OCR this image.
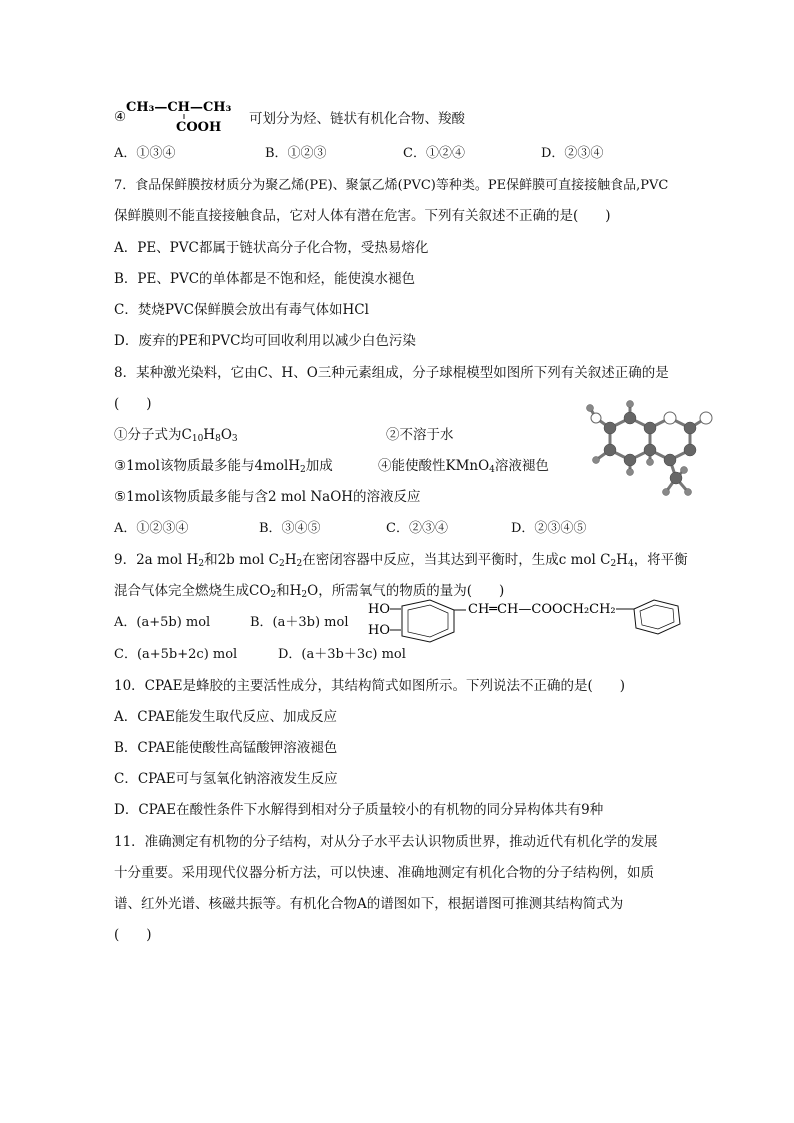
④
CH₃—CH—CH₃
COOH
可划分为烃、链状有机化合物、羧酸
A．①③④	B．①②③	C．①②④	D．②③④
7．食品保鲜膜按材质分为聚乙烯(PE)、聚氯乙烯(PVC)等种类。PE保鲜膜可直接接触食品,PVC
保鲜膜则不能直接接触食品，它对人体有潜在危害。下列有关叙述不正确的是(　　)
A．PE、PVC都属于链状高分子化合物，受热易熔化
B．PE、PVC的单体都是不饱和烃，能使溴水褪色
C．焚烧PVC保鲜膜会放出有毒气体如HCl
D．废弃的PE和PVC均可回收利用以减少白色污染
8．某种激光染料，它由C、H、O三种元素组成，分子球棍模型如图所下列有关叙述正确的是
(　　)
①分子式为$C_{10}H_8O_3$	②不溶于水
③1mol该物质最多能与4molH$_2$加成	④能使酸性KMnO$_4$溶液褪色
⑤1mol该物质最多能与含2 mol NaOH的溶液反应
A．①②③④	B．③④⑤	C．②③④	D．②③④⑤
9．2a mol $H_2$和2b mol $C_2H_2$在密闭容器中反应，当其达到平衡时，生成c mol $C_2H_4$，将平衡
混合气体完全燃烧生成$CO_2$和$H_2O$，所需氧气的物质的量为(　　)
A．(a+5b) mol	B．(a＋3b) mol
C．(a+5b+2c) mol	D．(a＋3b＋3c) mol
HO
HO
CH═CH—COOCH₂CH₂
10．CPAE是蜂胶的主要活性成分，其结构简式如图所示。下列说法不正确的是(　　)
A．CPAE能发生取代反应、加成反应
B．CPAE能使酸性高锰酸钾溶液褪色
C．CPAE可与氢氧化钠溶液发生反应
D．CPAE在酸性条件下水解得到相对分子质量较小的有机物的同分异构体共有9种
11．准确测定有机物的分子结构，对从分子水平去认识物质世界，推动近代有机化学的发展
十分重要。采用现代仪器分析方法，可以快速、准确地测定有机化合物的分子结构例，如质
谱、红外光谱、核磁共振等。有机化合物A的谱图如下，根据谱图可推测其结构简式为
(　　)
